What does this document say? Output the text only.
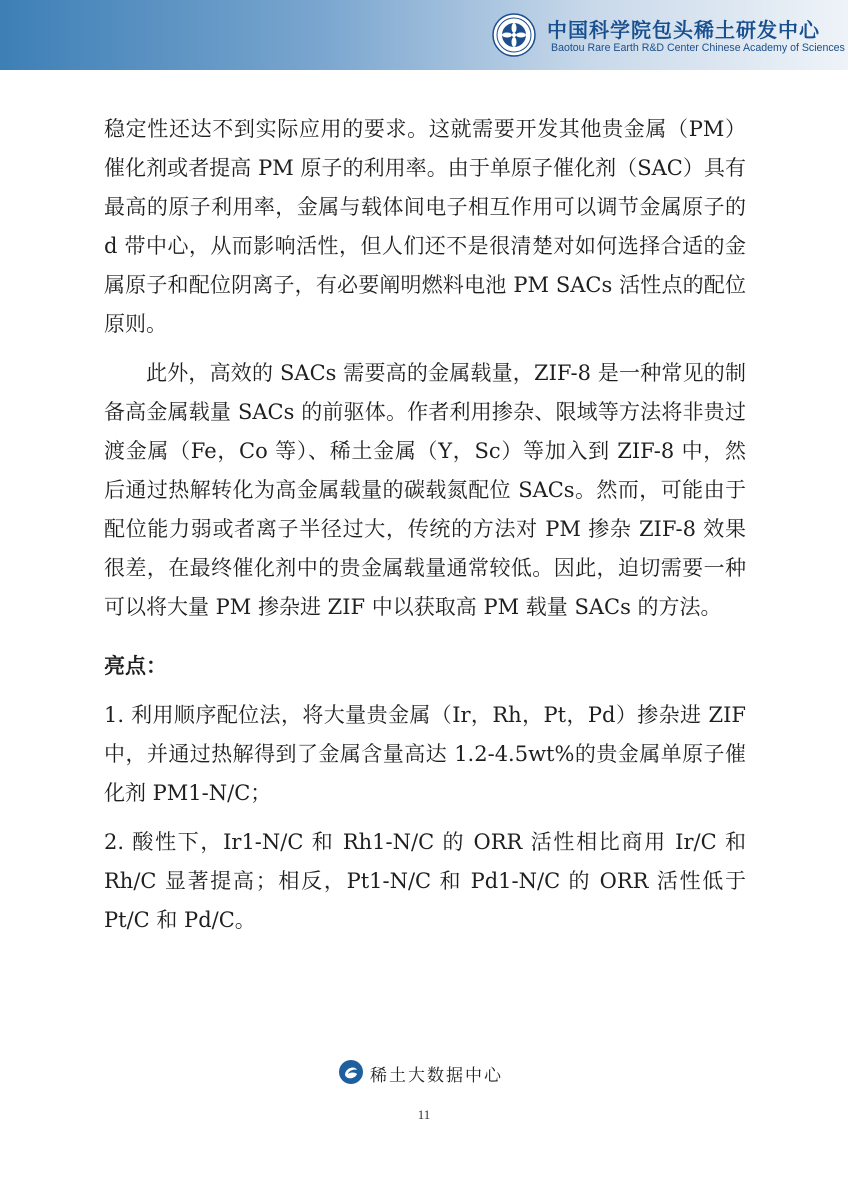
中国科学院包头稀土研发中心
Baotou Rare Earth R&D Center Chinese Academy of Sciences

稳定性还达不到实际应用的要求。这就需要开发其他贵金属（PM）催化剂或者提高 PM 原子的利用率。由于单原子催化剂（SAC）具有最高的原子利用率，金属与载体间电子相互作用可以调节金属原子的 d 带中心，从而影响活性，但人们还不是很清楚对如何选择合适的金属原子和配位阴离子，有必要阐明燃料电池 PM SACs 活性点的配位原则。

此外，高效的 SACs 需要高的金属载量，ZIF-8 是一种常见的制备高金属载量 SACs 的前驱体。作者利用掺杂、限域等方法将非贵过渡金属（Fe，Co 等）、稀土金属（Y，Sc）等加入到 ZIF-8 中，然后通过热解转化为高金属载量的碳载氮配位 SACs。然而，可能由于配位能力弱或者离子半径过大，传统的方法对 PM 掺杂 ZIF-8 效果很差，在最终催化剂中的贵金属载量通常较低。因此，迫切需要一种可以将大量 PM 掺杂进 ZIF 中以获取高 PM 载量 SACs 的方法。

亮点：

1. 利用顺序配位法，将大量贵金属（Ir，Rh，Pt，Pd）掺杂进 ZIF 中，并通过热解得到了金属含量高达 1.2-4.5wt%的贵金属单原子催化剂 PM1-N/C；

2. 酸性下，Ir1-N/C 和 Rh1-N/C 的 ORR 活性相比商用 Ir/C 和 Rh/C 显著提高；相反，Pt1-N/C 和 Pd1-N/C 的 ORR 活性低于 Pt/C 和 Pd/C。

稀土大数据中心
11
